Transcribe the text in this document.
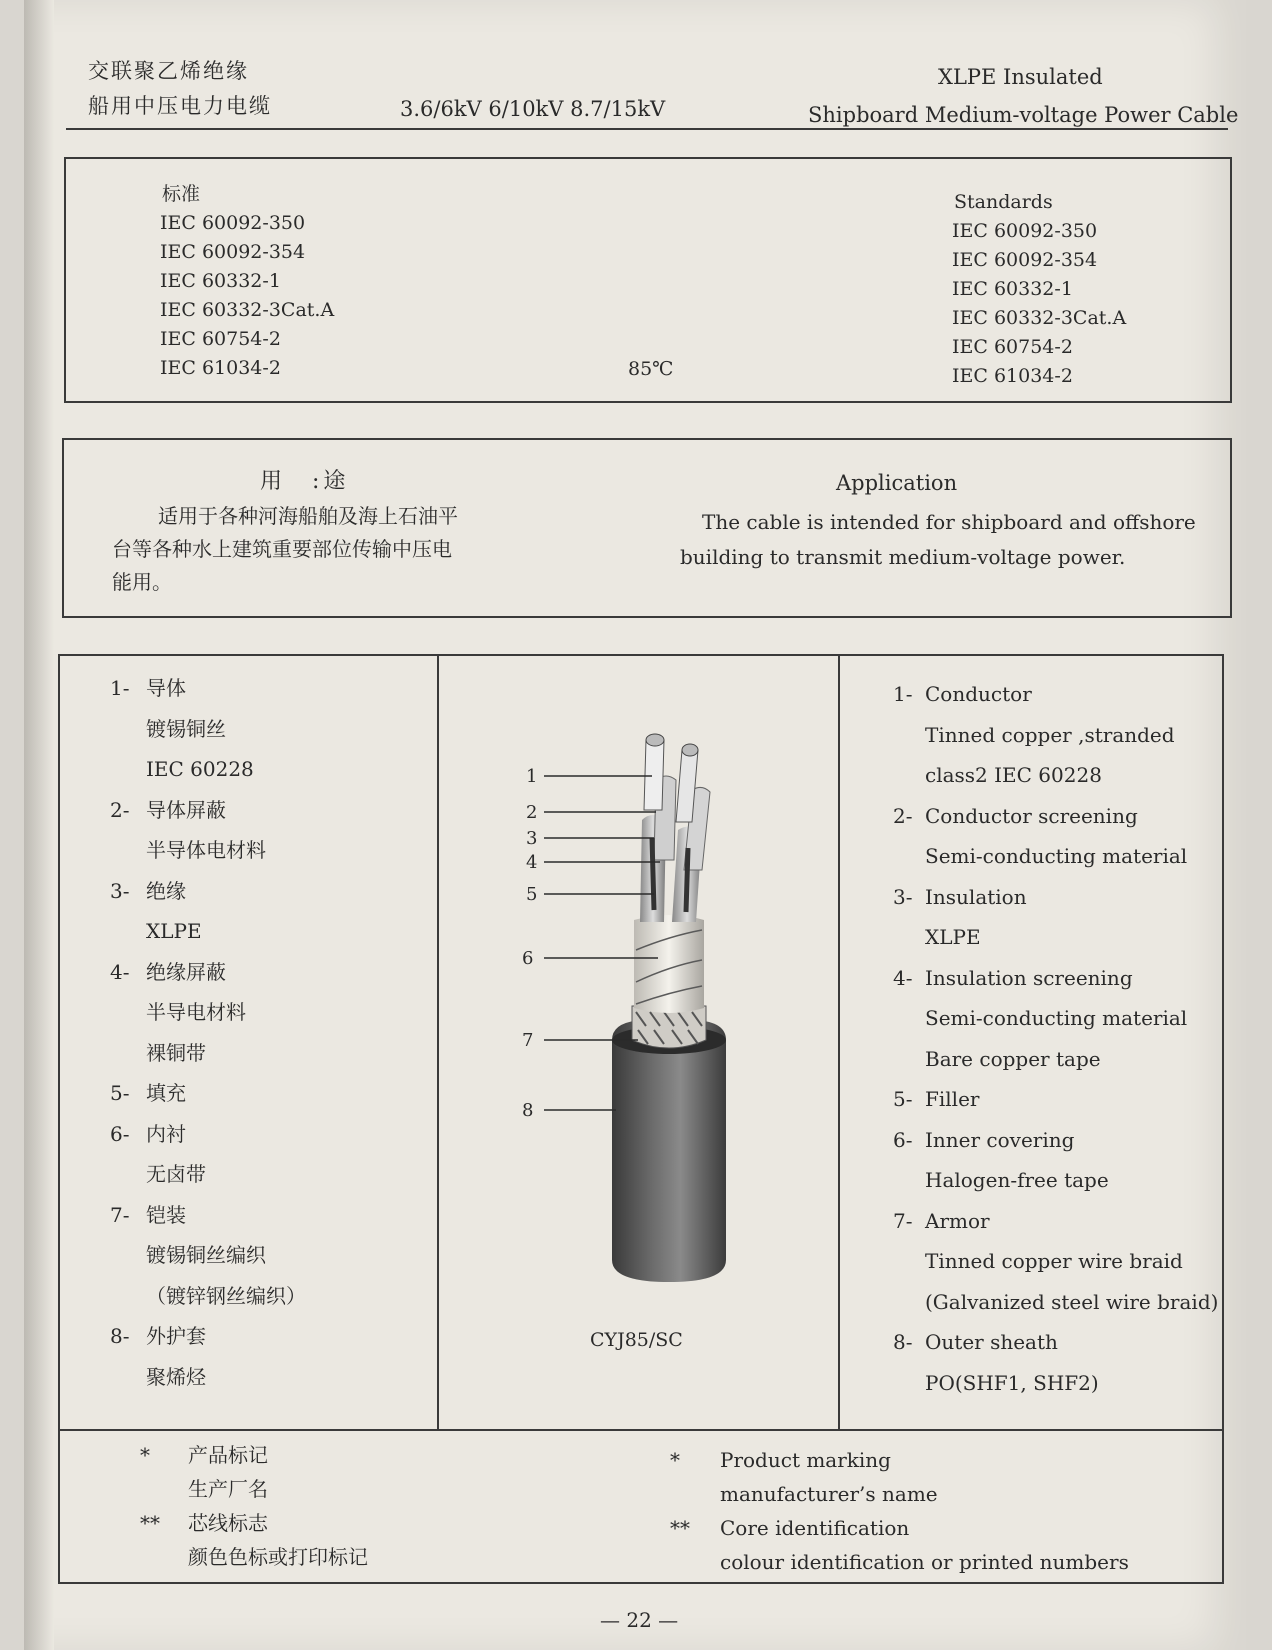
交联聚乙烯绝缘
船用中压电力电缆	3.6/6kV 6/10kV 8.7/15kV
XLPE Insulated
Shipboard Medium-voltage Power Cable
标准
IEC 60092-350
IEC 60092-354
IEC 60332-1
IEC 60332-3Cat.A
IEC 60754-2
IEC 61034-2
Standards
IEC 60092-350
IEC 60092-354
IEC 60332-1
IEC 60332-3Cat.A
IEC 60754-2
IEC 61034-2
85℃
用　:途
适用于各种河海船舶及海上石油平
台等各种水上建筑重要部位传输中压电
能用。
Application
The cable is intended for shipboard and offshore
building to transmit medium-voltage power.
1- 导体
镀锡铜丝
IEC 60228
2- 导体屏蔽
半导体电材料
3- 绝缘
XLPE
4- 绝缘屏蔽
半导电材料
裸铜带
5- 填充
6- 内衬
无卤带
7- 铠装
镀锡铜丝编织
（镀锌钢丝编织）
8- 外护套
聚烯烃
1- Conductor
Tinned copper ,stranded
class2 IEC 60228
2- Conductor screening
Semi-conducting material
3- Insulation
XLPE
4- Insulation screening
Semi-conducting material
Bare copper tape
5- Filler
6- Inner covering
Halogen-free tape
7- Armor
Tinned copper wire braid
(Galvanized steel wire braid)
8- Outer sheath
PO(SHF1, SHF2)
1
2
3
4
5
6
7
8
CYJ85/SC
*	产品标记
生产厂名
**	芯线标志
颜色色标或打印标记
*	Product marking
manufacturer’s name
**	Core identification
colour identification or printed numbers
— 22 —
